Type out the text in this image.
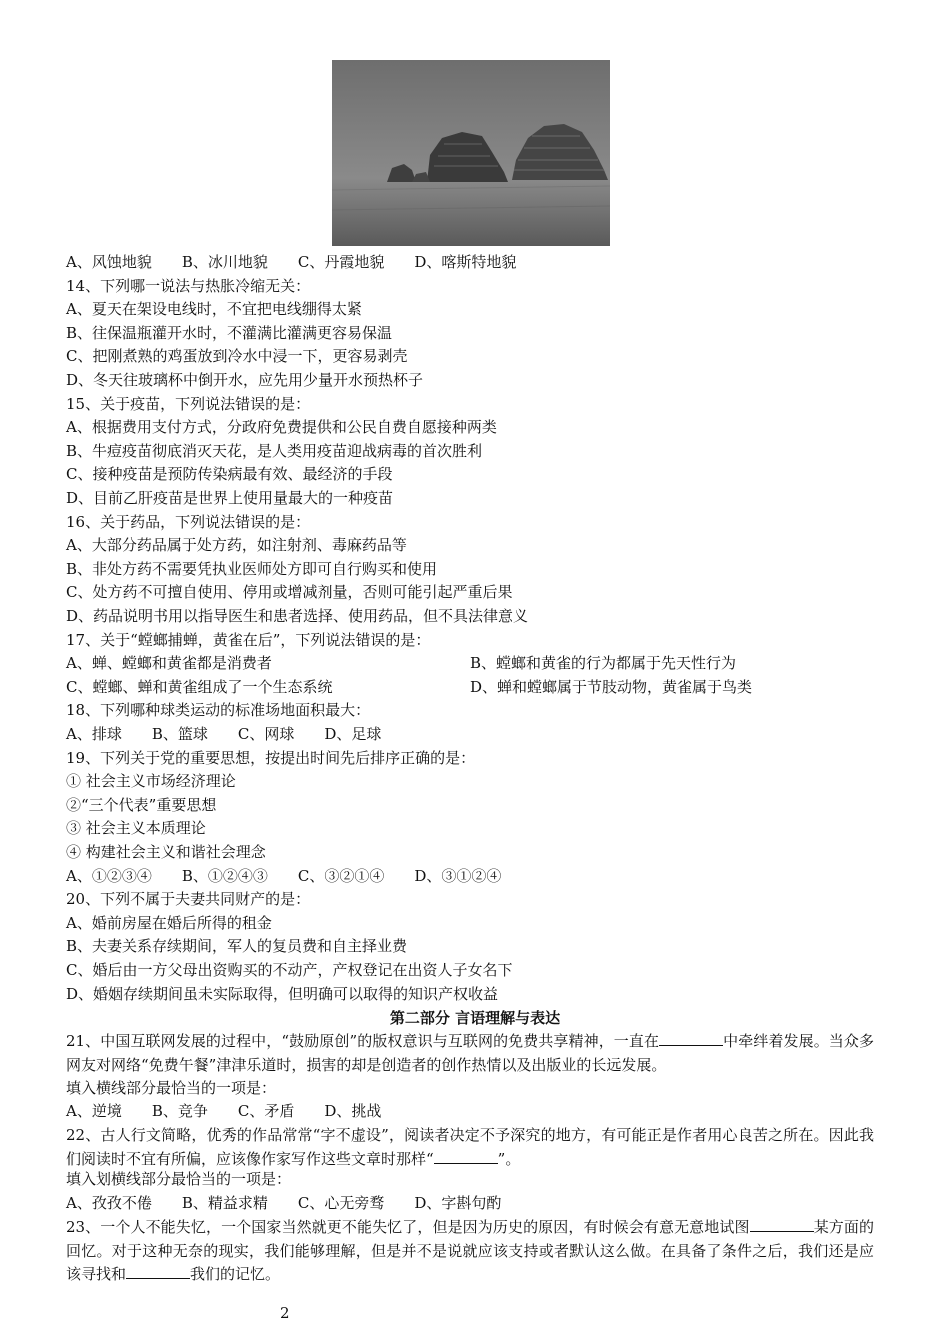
A、风蚀地貌 B、冰川地貌 C、丹霞地貌 D、喀斯特地貌
14、下列哪一说法与热胀冷缩无关：
A、夏天在架设电线时，不宜把电线绷得太紧
B、往保温瓶灌开水时，不灌满比灌满更容易保温
C、把刚煮熟的鸡蛋放到冷水中浸一下，更容易剥壳
D、冬天往玻璃杯中倒开水，应先用少量开水预热杯子
15、关于疫苗，下列说法错误的是：
A、根据费用支付方式，分政府免费提供和公民自费自愿接种两类
B、牛痘疫苗彻底消灭天花，是人类用疫苗迎战病毒的首次胜利
C、接种疫苗是预防传染病最有效、最经济的手段
D、目前乙肝疫苗是世界上使用量最大的一种疫苗
16、关于药品，下列说法错误的是：
A、大部分药品属于处方药，如注射剂、毒麻药品等
B、非处方药不需要凭执业医师处方即可自行购买和使用
C、处方药不可擅自使用、停用或增减剂量，否则可能引起严重后果
D、药品说明书用以指导医生和患者选择、使用药品，但不具法律意义
17、关于“螳螂捕蝉，黄雀在后”，下列说法错误的是：
A、蝉、螳螂和黄雀都是消费者	B、螳螂和黄雀的行为都属于先天性行为
C、螳螂、蝉和黄雀组成了一个生态系统	D、蝉和螳螂属于节肢动物，黄雀属于鸟类
18、下列哪种球类运动的标准场地面积最大：
A、排球 B、篮球 C、网球 D、足球
19、下列关于党的重要思想，按提出时间先后排序正确的是：
① 社会主义市场经济理论
②“三个代表”重要思想
③ 社会主义本质理论
④ 构建社会主义和谐社会理念
A、①②③④ B、①②④③ C、③②①④ D、③①②④
20、下列不属于夫妻共同财产的是：
A、婚前房屋在婚后所得的租金
B、夫妻关系存续期间，军人的复员费和自主择业费
C、婚后由一方父母出资购买的不动产，产权登记在出资人子女名下
D、婚姻存续期间虽未实际取得，但明确可以取得的知识产权收益
第二部分 言语理解与表达
21、中国互联网发展的过程中，“鼓励原创”的版权意识与互联网的免费共享精神，一直在	中牵绊着发展。当众多网友对网络“免费午餐”津津乐道时，损害的却是创造者的创作热情以及出版业的长远发展。
填入横线部分最恰当的一项是：
A、逆境 B、竞争 C、矛盾 D、挑战
22、古人行文简略，优秀的作品常常“字不虚设”，阅读者决定不予深究的地方，有可能正是作者用心良苦之所在。因此我们阅读时不宜有所偏，应该像作家写作这些文章时那样“	”。
填入划横线部分最恰当的一项是：
A、孜孜不倦 B、精益求精 C、心无旁骛 D、字斟句酌
23、一个人不能失忆，一个国家当然就更不能失忆了，但是因为历史的原因，有时候会有意无意地试图	某方面的回忆。对于这种无奈的现实，我们能够理解，但是并不是说就应该支持或者默认这么做。在具备了条件之后，我们还是应该寻找和	我们的记忆。
2
